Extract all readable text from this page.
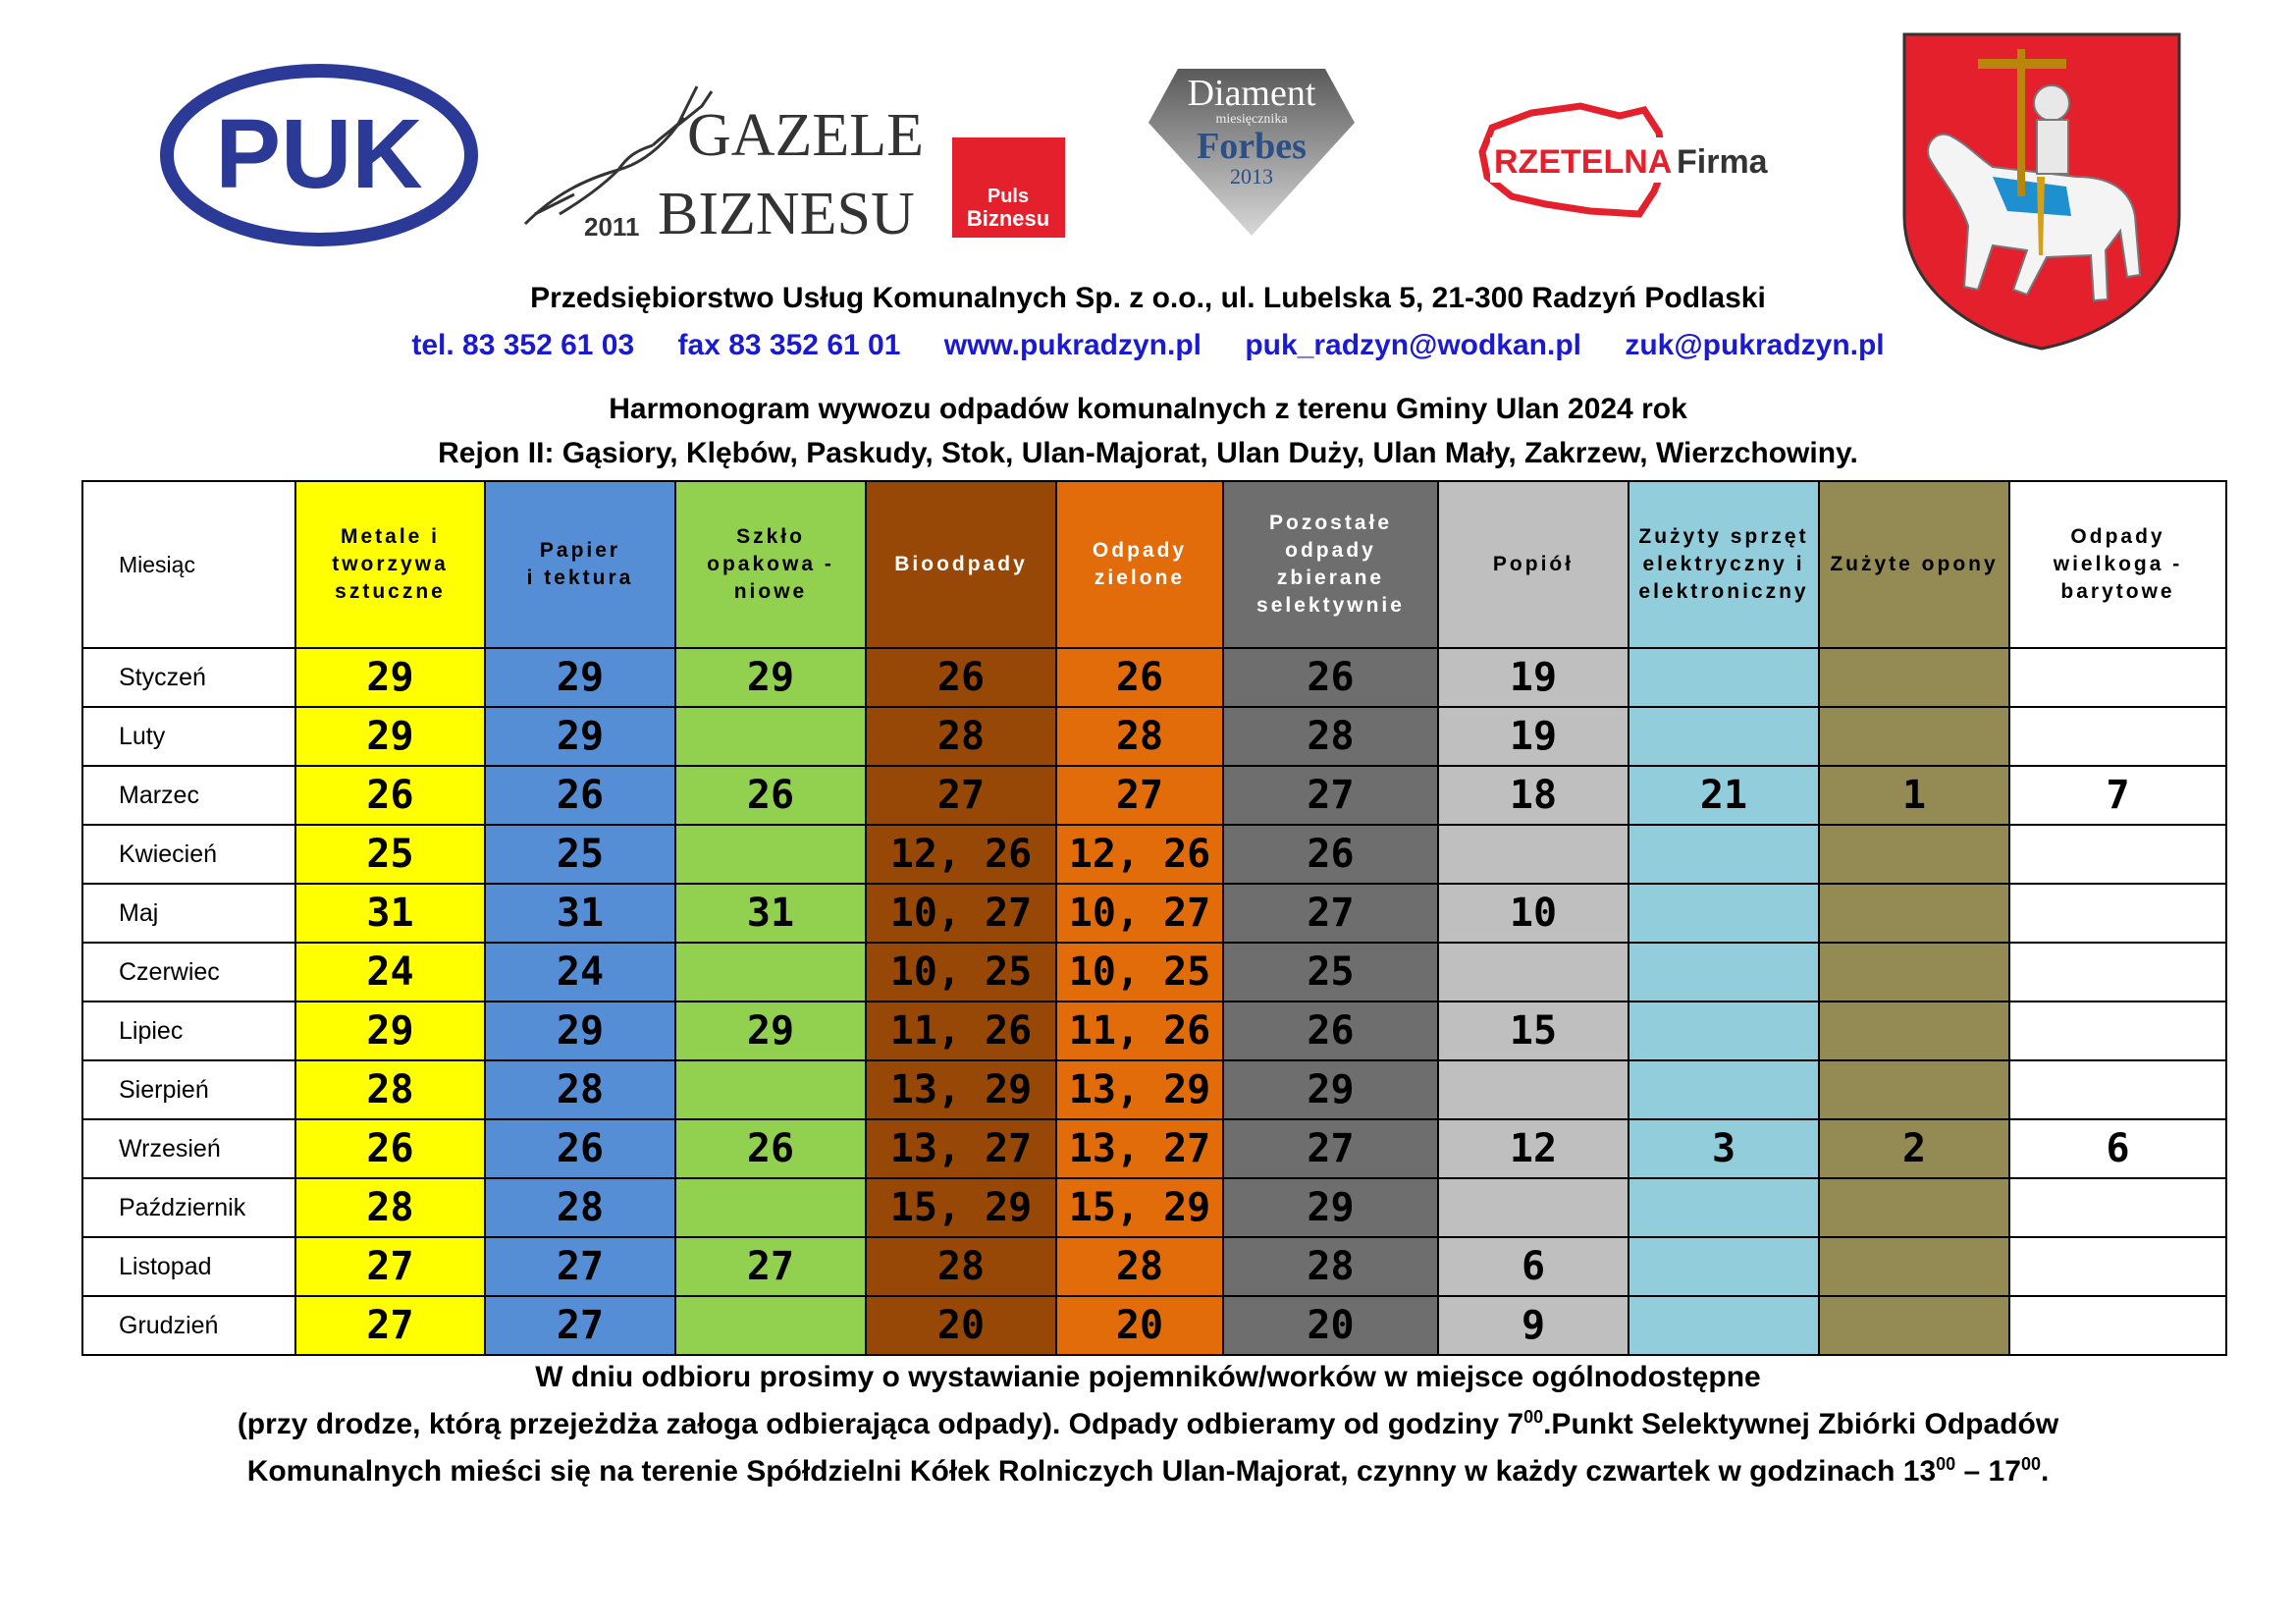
PUK
2011
GAZELE
BIZNESU	Puls
Biznesu
Diament
miesięcznika
Forbes
2013	RZETELNA Firma
Przedsiębiorstwo Usług Komunalnych Sp. z o.o., ul. Lubelska 5, 21-300 Radzyń Podlaski
tel. 83 352 61 03 fax 83 352 61 01 www.pukradzyn.pl puk_radzyn@wodkan.pl zuk@pukradzyn.pl
Harmonogram wywozu odpadów komunalnych z terenu Gminy Ulan 2024 rok
Rejon II: Gąsiory, Klębów, Paskudy, Stok, Ulan-Majorat, Ulan Duży, Ulan Mały, Zakrzew, Wierzchowiny.
Miesiąc	Metale i
tworzywa
sztuczne	Papier
i tektura	Szkło
opakowa -
niowe	Bioodpady	Odpady
zielone	Pozostałe
odpady
zbierane
selektywnie	Popiół	Zużyty sprzęt
elektryczny i
elektroniczny	Zużyte opony	Odpady
wielkoga -
barytowe
Styczeń	29	29	29	26	26	26	19			
Luty	29	29		28	28	28	19			
Marzec	26	26	26	27	27	27	18	21	1	7
Kwiecień	25	25		12, 26	12, 26	26				
Maj	31	31	31	10, 27	10, 27	27	10			
Czerwiec	24	24		10, 25	10, 25	25				
Lipiec	29	29	29	11, 26	11, 26	26	15			
Sierpień	28	28		13, 29	13, 29	29				
Wrzesień	26	26	26	13, 27	13, 27	27	12	3	2	6
Październik	28	28		15, 29	15, 29	29				
Listopad	27	27	27	28	28	28	6			
Grudzień	27	27		20	20	20	9			
W dniu odbioru prosimy o wystawianie pojemników/worków w miejsce ogólnodostępne
(przy drodze, którą przejeżdża załoga odbierająca odpady). Odpady odbieramy od godziny $7^{00}.Punkt$ Selektywnej Zbiórki Odpadów
Komunalnych mieści się na terenie Spółdzielni Kółek Rolniczych Ulan-Majorat, czynny w każdy czwartek w godzinach $13^{00} - 17^{00}$.
